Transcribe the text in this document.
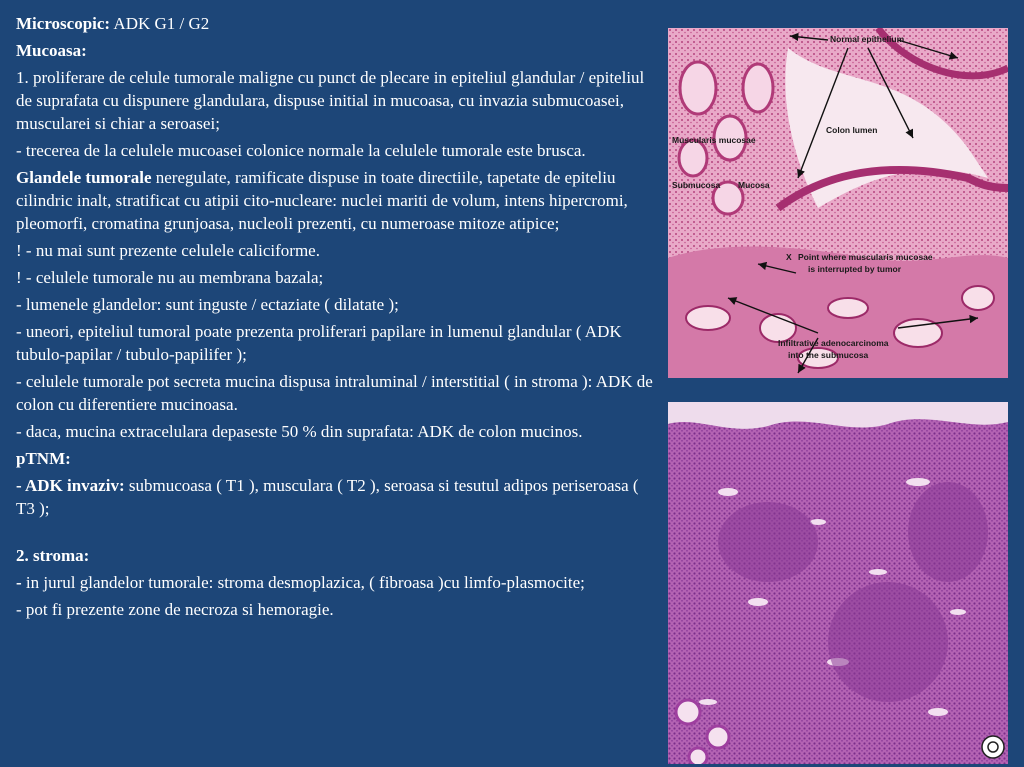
Microscopic: ADK G1 / G2

Mucoasa:

1. proliferare de celule tumorale maligne cu punct de plecare in epiteliul glandular / epiteliul de suprafata cu dispunere glandulara, dispuse initial in mucoasa, cu invazia submucoasei, muscularei si chiar a seroasei;

- trecerea de la celulele mucoasei colonice normale la celulele tumorale este brusca.

Glandele tumorale neregulate, ramificate dispuse in toate directiile, tapetate de epiteliu cilindric inalt, stratificat cu atipii cito-nucleare: nuclei mariti de volum, intens hipercromi, pleomorfi, cromatina grunjoasa, nucleoli prezenti, cu numeroase mitoze atipice;

! - nu mai sunt prezente celulele caliciforme.

! - celulele tumorale nu au membrana bazala;

- lumenele glandelor: sunt inguste / ectaziate ( dilatate );

- uneori, epiteliul tumoral poate prezenta proliferari papilare in lumenul glandular ( ADK tubulo-papilar / tubulo-papilifer );

- celulele tumorale pot secreta mucina dispusa intraluminal / interstitial ( in stroma ): ADK de colon cu diferentiere mucinoasa.

- daca, mucina extracelulara depaseste 50 % din suprafata: ADK de colon mucinos.

pTNM:

- ADK invaziv: submucoasa ( T1 ), musculara ( T2 ), seroasa si tesutul adipos periseroasa ( T3 );

2. stroma:

- in jurul glandelor tumorale: stroma desmoplazica, ( fibroasa )cu limfo-plasmocite;

- pot fi prezente zone de necroza si hemoragie.

Normal epithelium
Colon lumen
Muscularis mucosae
Submucosa Mucosa
X Point where muscularis mucosae
is interrupted by tumor
Infiltrative adenocarcinoma
into the submucosa
